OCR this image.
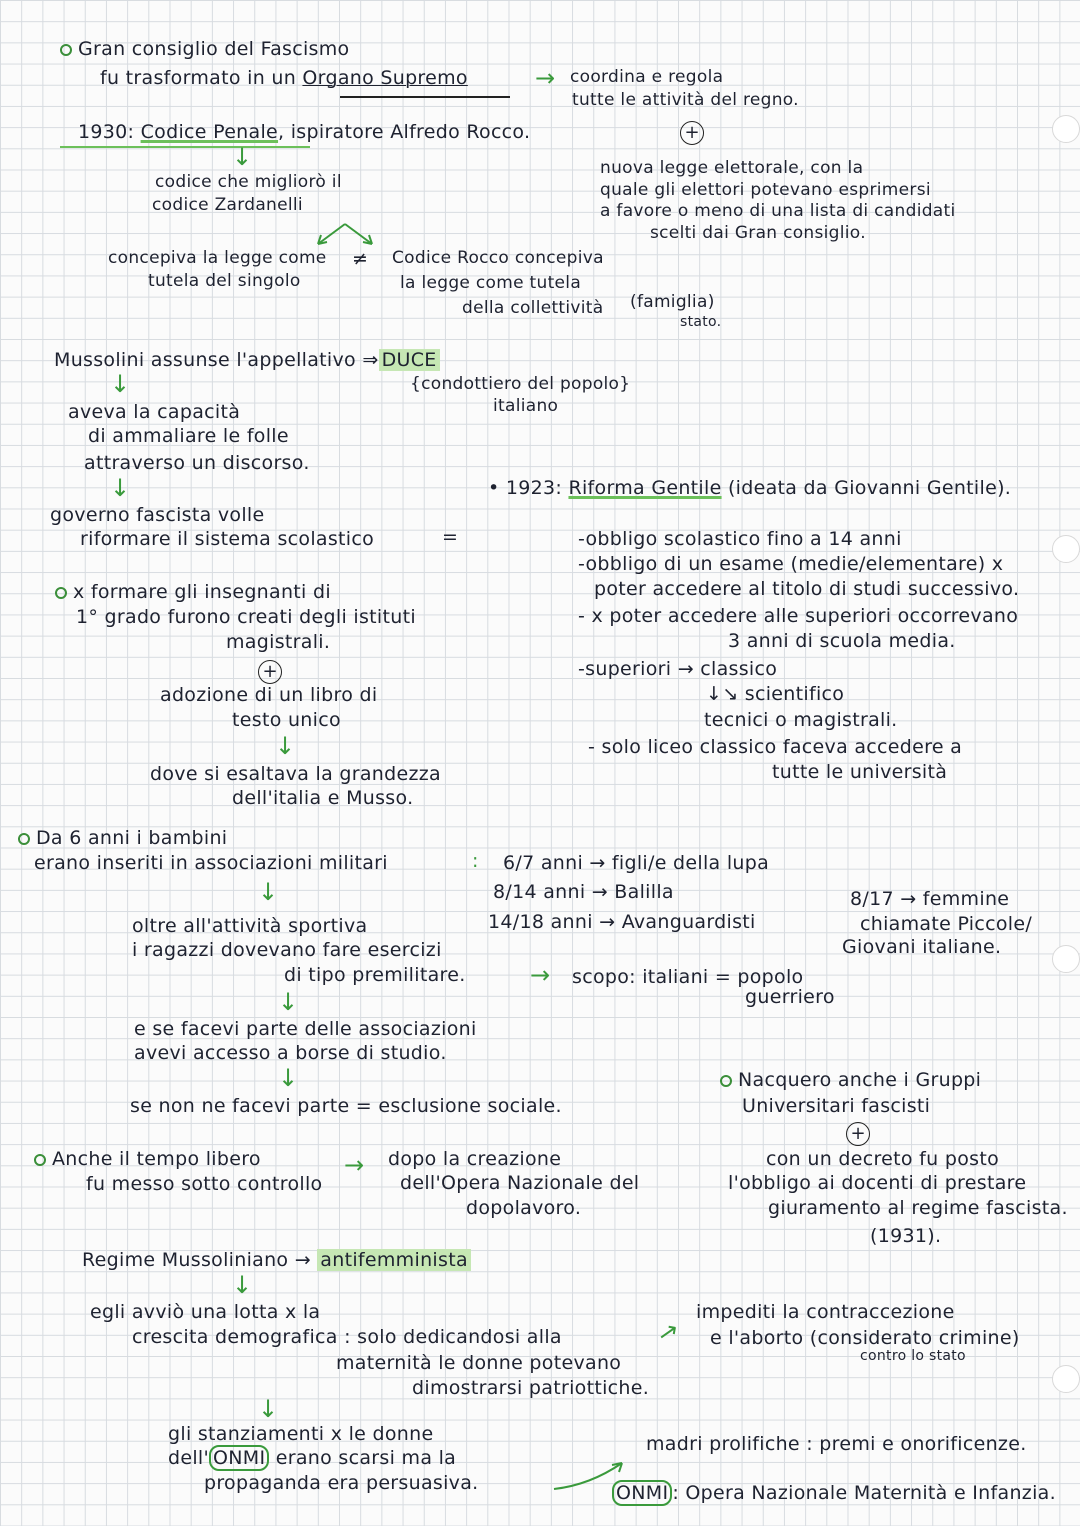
Gran consiglio del Fascismo
fu trasformato in un Organo Supremo	→ coordina e regola
tutte le attività del regno.
1930: Codice Penale, ispiratore Alfredo Rocco.	+
↓
codice che migliorò il
codice Zardanelli
nuova legge elettorale, con la
quale gli elettori potevano esprimersi
a favore o meno di una lista di candidati
scelti dai Gran consiglio.
concepiva la legge come
tutela del singolo
≠ Codice Rocco concepiva
la legge come tutela
della collettività (famiglia)
stato.
Mussolini assunse l'appellativo ⇒ DUCE
{condottiero del popolo}
italiano
↓
aveva la capacità
di ammaliare le folle
attraverso un discorso.
↓
governo fascista volle
riformare il sistema scolastico	=
• 1923: Riforma Gentile (ideata da Giovanni Gentile).
-obbligo scolastico fino a 14 anni
-obbligo di un esame (medie/elementare) x
poter accedere al titolo di studi successivo.
- x poter accedere alle superiori occorrevano
3 anni di scuola media.
-superiori → classico
↓↘ scientifico
tecnici o magistrali.
- solo liceo classico faceva accedere a
tutte le università
x formare gli insegnanti di
1° grado furono creati degli istituti
magistrali.
+
adozione di un libro di
testo unico
↓
dove si esaltava la grandezza
dell'italia e Musso.
Da 6 anni i bambini
erano inseriti in associazioni militari	: 6/7 anni → figli/e della lupa
8/14 anni → Balilla
14/18 anni → Avanguardisti
8/17 → femmine
chiamate Piccole/
Giovani italiane.
↓
oltre all'attività sportiva
i ragazzi dovevano fare esercizi
di tipo premilitare.	→ scopo: italiani = popolo
guerriero
↓
e se facevi parte delle associazioni
avevi accesso a borse di studio.
↓
se non ne facevi parte = esclusione sociale.
Nacquero anche i Gruppi
Universitari fascisti
+
con un decreto fu posto
l'obbligo ai docenti di prestare
giuramento al regime fascista.
(1931).
Anche il tempo libero
fu messo sotto controllo
→ dopo la creazione
dell'Opera Nazionale del
dopolavoro.
Regime Mussoliniano → antifemminista
↓
egli avviò una lotta x la
crescita demografica : solo dedicandosi alla
maternità le donne potevano
dimostrarsi patriottiche.
→
impediti la contraccezione
e l'aborto (considerato crimine)
contro lo stato
↓
gli stanziamenti x le donne
dell' ONMI erano scarsi ma la
propaganda era persuasiva.
madri prolifiche : premi e onorificenze.
ONMI : Opera Nazionale Maternità e Infanzia.
